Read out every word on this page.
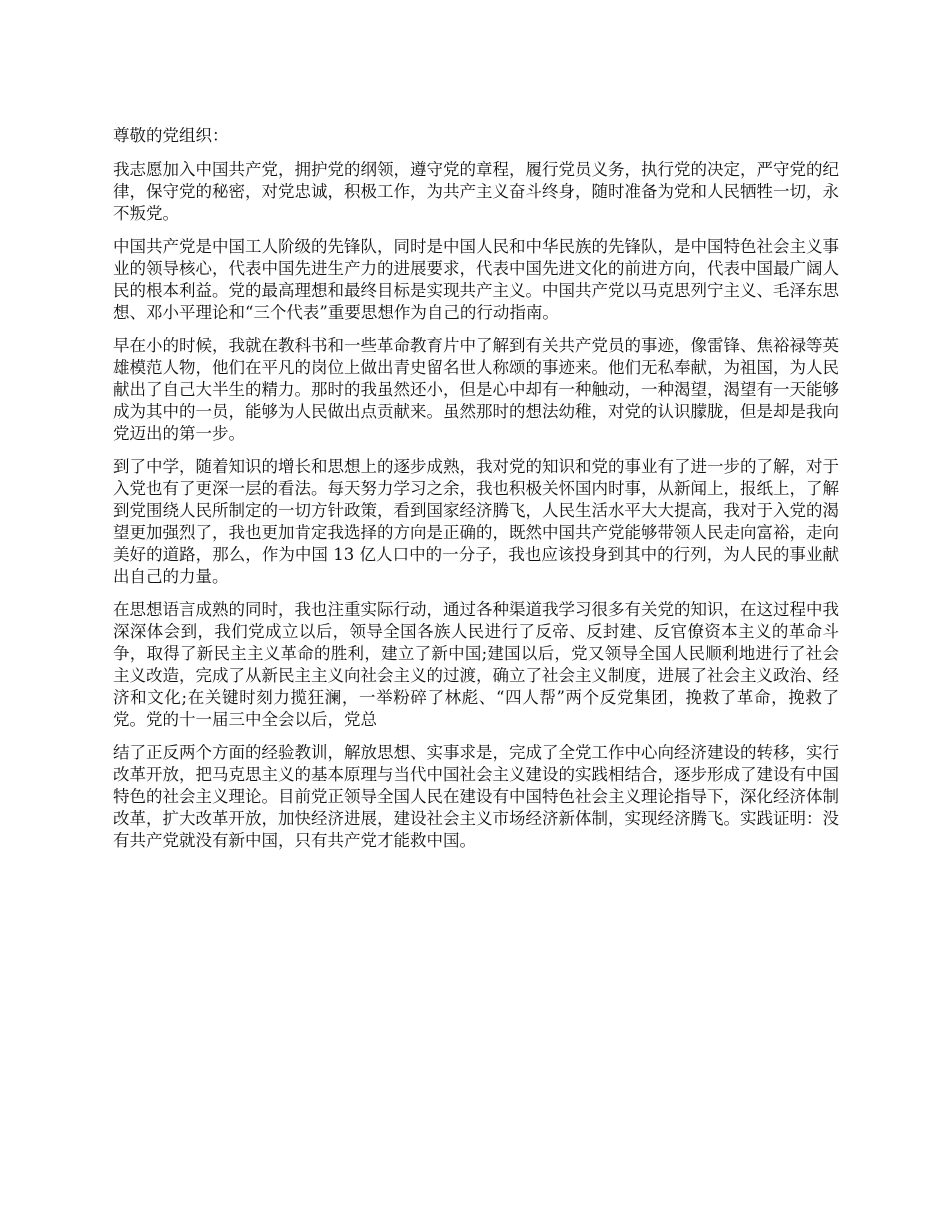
尊敬的党组织：

我志愿加入中国共产党，拥护党的纲领，遵守党的章程，履行党员义务，执行党的决定，严守党的纪律，保守党的秘密，对党忠诚，积极工作，为共产主义奋斗终身，随时准备为党和人民牺牲一切，永不叛党。

中国共产党是中国工人阶级的先锋队，同时是中国人民和中华民族的先锋队，是中国特色社会主义事业的领导核心，代表中国先进生产力的进展要求，代表中国先进文化的前进方向，代表中国最广阔人民的根本利益。党的最高理想和最终目标是实现共产主义。中国共产党以马克思列宁主义、毛泽东思想、邓小平理论和“三个代表”重要思想作为自己的行动指南。

早在小的时候，我就在教科书和一些革命教育片中了解到有关共产党员的事迹，像雷锋、焦裕禄等英雄模范人物，他们在平凡的岗位上做出青史留名世人称颂的事迹来。他们无私奉献，为祖国，为人民献出了自己大半生的精力。那时的我虽然还小，但是心中却有一种触动，一种渴望，渴望有一天能够成为其中的一员，能够为人民做出点贡献来。虽然那时的想法幼稚，对党的认识朦胧，但是却是我向党迈出的第一步。

到了中学，随着知识的增长和思想上的逐步成熟，我对党的知识和党的事业有了进一步的了解，对于入党也有了更深一层的看法。每天努力学习之余，我也积极关怀国内时事，从新闻上，报纸上，了解到党围绕人民所制定的一切方针政策，看到国家经济腾飞，人民生活水平大大提高，我对于入党的渴望更加强烈了，我也更加肯定我选择的方向是正确的，既然中国共产党能够带领人民走向富裕，走向美好的道路，那么，作为中国 13 亿人口中的一分子，我也应该投身到其中的行列，为人民的事业献出自己的力量。

在思想语言成熟的同时，我也注重实际行动，通过各种渠道我学习很多有关党的知识，在这过程中我深深体会到，我们党成立以后，领导全国各族人民进行了反帝、反封建、反官僚资本主义的革命斗争，取得了新民主主义革命的胜利，建立了新中国;建国以后，党又领导全国人民顺利地进行了社会主义改造，完成了从新民主主义向社会主义的过渡，确立了社会主义制度，进展了社会主义政治、经济和文化;在关键时刻力揽狂澜，一举粉碎了林彪、“四人帮”两个反党集团，挽救了革命，挽救了党。党的十一届三中全会以后，党总

结了正反两个方面的经验教训，解放思想、实事求是，完成了全党工作中心向经济建设的转移，实行改革开放，把马克思主义的基本原理与当代中国社会主义建设的实践相结合，逐步形成了建设有中国特色的社会主义理论。目前党正领导全国人民在建设有中国特色社会主义理论指导下，深化经济体制改革，扩大改革开放，加快经济进展，建设社会主义市场经济新体制，实现经济腾飞。实践证明：没有共产党就没有新中国，只有共产党才能救中国。
